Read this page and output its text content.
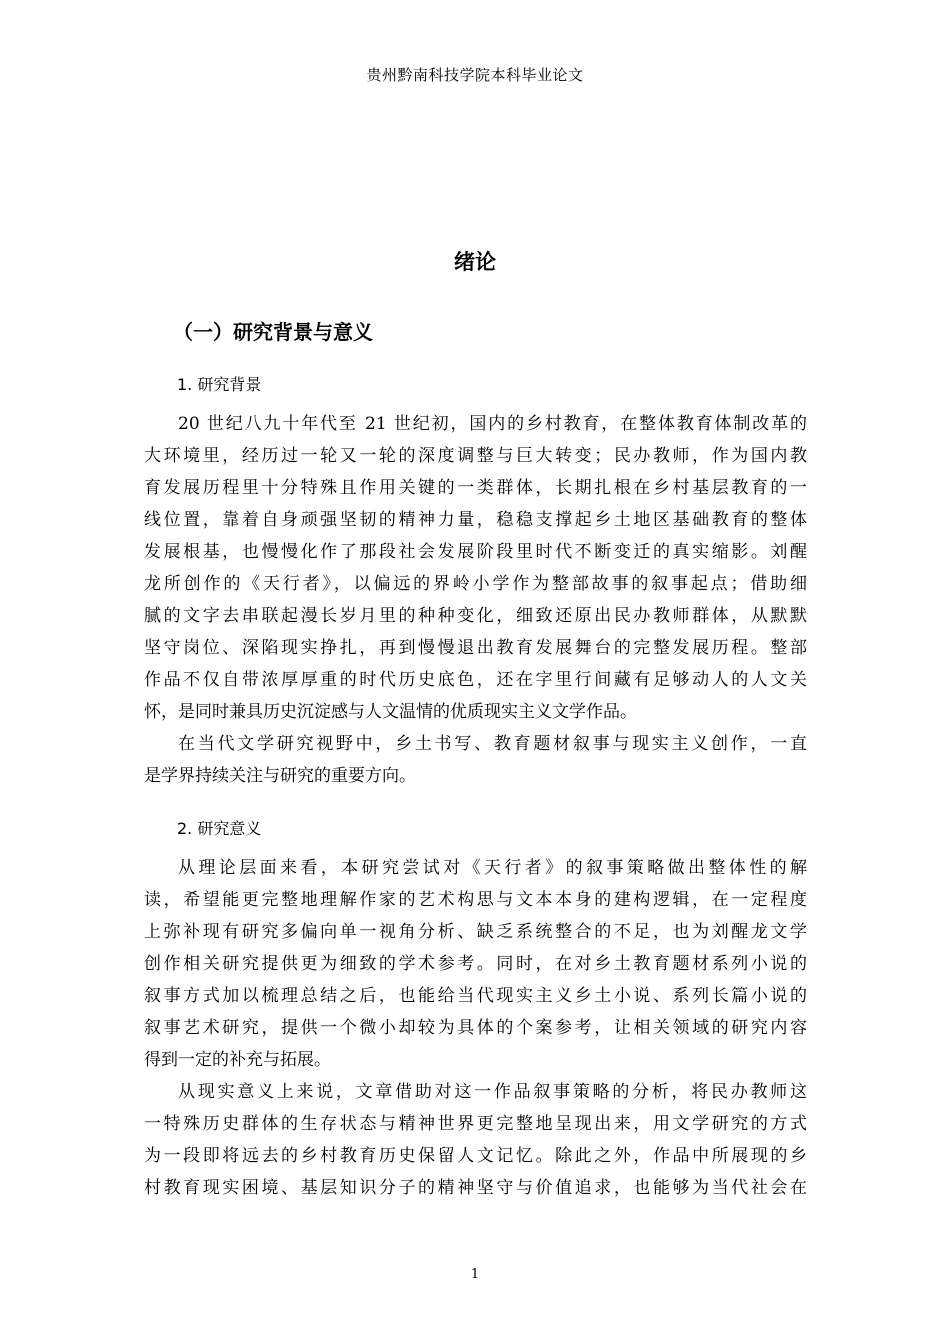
贵州黔南科技学院本科毕业论文
绪论
（一）研究背景与意义
1. 研究背景
20 世纪八九十年代至 21 世纪初，国内的乡村教育，在整体教育体制改革的
大环境里，经历过一轮又一轮的深度调整与巨大转变；民办教师，作为国内教
育发展历程里十分特殊且作用关键的一类群体，长期扎根在乡村基层教育的一
线位置，靠着自身顽强坚韧的精神力量，稳稳支撑起乡土地区基础教育的整体
发展根基，也慢慢化作了那段社会发展阶段里时代不断变迁的真实缩影。刘醒
龙所创作的《天行者》，以偏远的界岭小学作为整部故事的叙事起点；借助细
腻的文字去串联起漫长岁月里的种种变化，细致还原出民办教师群体，从默默
坚守岗位、深陷现实挣扎，再到慢慢退出教育发展舞台的完整发展历程。整部
作品不仅自带浓厚厚重的时代历史底色，还在字里行间藏有足够动人的人文关
怀，是同时兼具历史沉淀感与人文温情的优质现实主义文学作品。
在当代文学研究视野中，乡土书写、教育题材叙事与现实主义创作，一直
是学界持续关注与研究的重要方向。
2. 研究意义
从理论层面来看，本研究尝试对《天行者》的叙事策略做出整体性的解
读，希望能更完整地理解作家的艺术构思与文本本身的建构逻辑，在一定程度
上弥补现有研究多偏向单一视角分析、缺乏系统整合的不足，也为刘醒龙文学
创作相关研究提供更为细致的学术参考。同时，在对乡土教育题材系列小说的
叙事方式加以梳理总结之后，也能给当代现实主义乡土小说、系列长篇小说的
叙事艺术研究，提供一个微小却较为具体的个案参考，让相关领域的研究内容
得到一定的补充与拓展。
从现实意义上来说，文章借助对这一作品叙事策略的分析，将民办教师这
一特殊历史群体的生存状态与精神世界更完整地呈现出来，用文学研究的方式
为一段即将远去的乡村教育历史保留人文记忆。除此之外，作品中所展现的乡
村教育现实困境、基层知识分子的精神坚守与价值追求，也能够为当代社会在
1
